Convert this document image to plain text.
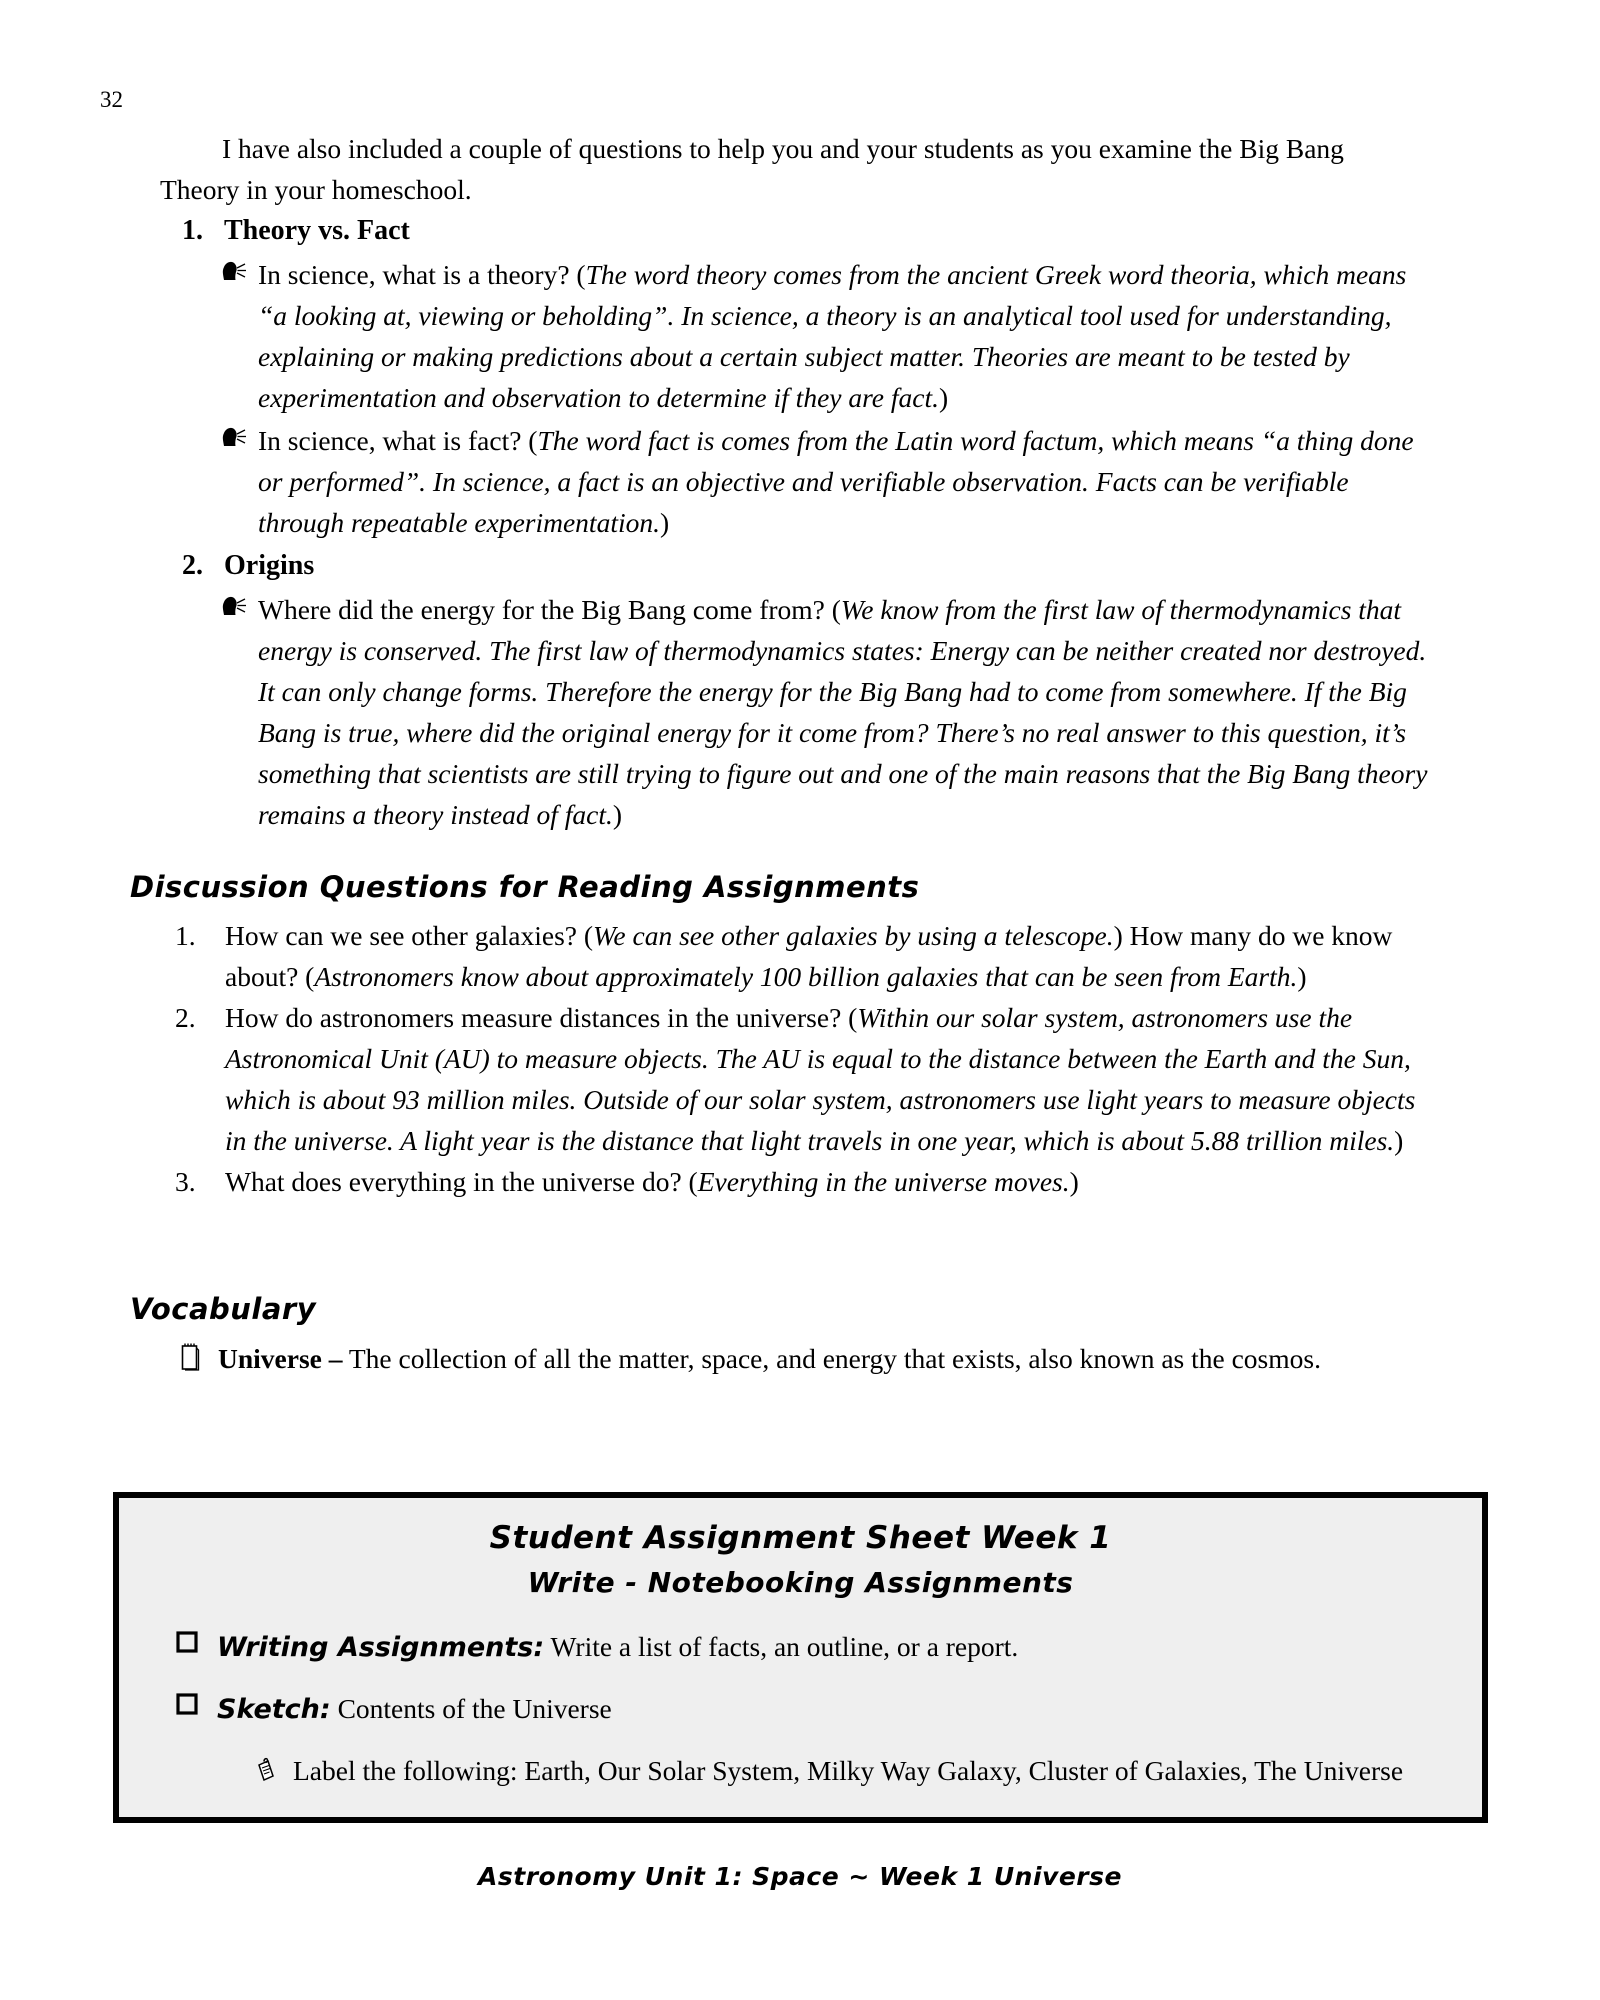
32
I have also included a couple of questions to help you and your students as you examine the Big Bang Theory in your homeschool.
1. Theory vs. Fact
In science, what is a theory? (The word theory comes from the ancient Greek word theoria, which means “a looking at, viewing or beholding”. In science, a theory is an analytical tool used for understanding, explaining or making predictions about a certain subject matter. Theories are meant to be tested by experimentation and observation to determine if they are fact.)
In science, what is fact? (The word fact is comes from the Latin word factum, which means “a thing done or performed”. In science, a fact is an objective and verifiable observation. Facts can be verifiable through repeatable experimentation.)
2. Origins
Where did the energy for the Big Bang come from? (We know from the first law of thermodynamics that energy is conserved. The first law of thermodynamics states: Energy can be neither created nor destroyed. It can only change forms. Therefore the energy for the Big Bang had to come from somewhere. If the Big Bang is true, where did the original energy for it come from? There’s no real answer to this question, it’s something that scientists are still trying to figure out and one of the main reasons that the Big Bang theory remains a theory instead of fact.)
Discussion Questions for Reading Assignments
1.	How can we see other galaxies? (We can see other galaxies by using a telescope.) How many do we know about? (Astronomers know about approximately 100 billion galaxies that can be seen from Earth.)
2.	How do astronomers measure distances in the universe? (Within our solar system, astronomers use the Astronomical Unit (AU) to measure objects. The AU is equal to the distance between the Earth and the Sun, which is about 93 million miles. Outside of our solar system, astronomers use light years to measure objects in the universe. A light year is the distance that light travels in one year, which is about 5.88 trillion miles.)
3.	What does everything in the universe do? (Everything in the universe moves.)
Vocabulary
Universe – The collection of all the matter, space, and energy that exists, also known as the cosmos.
Student Assignment Sheet Week 1
Write - Notebooking Assignments
Writing Assignments: Write a list of facts, an outline, or a report.
Sketch: Contents of the Universe
Label the following: Earth, Our Solar System, Milky Way Galaxy, Cluster of Galaxies, The Universe
Astronomy Unit 1: Space ~ Week 1 Universe
